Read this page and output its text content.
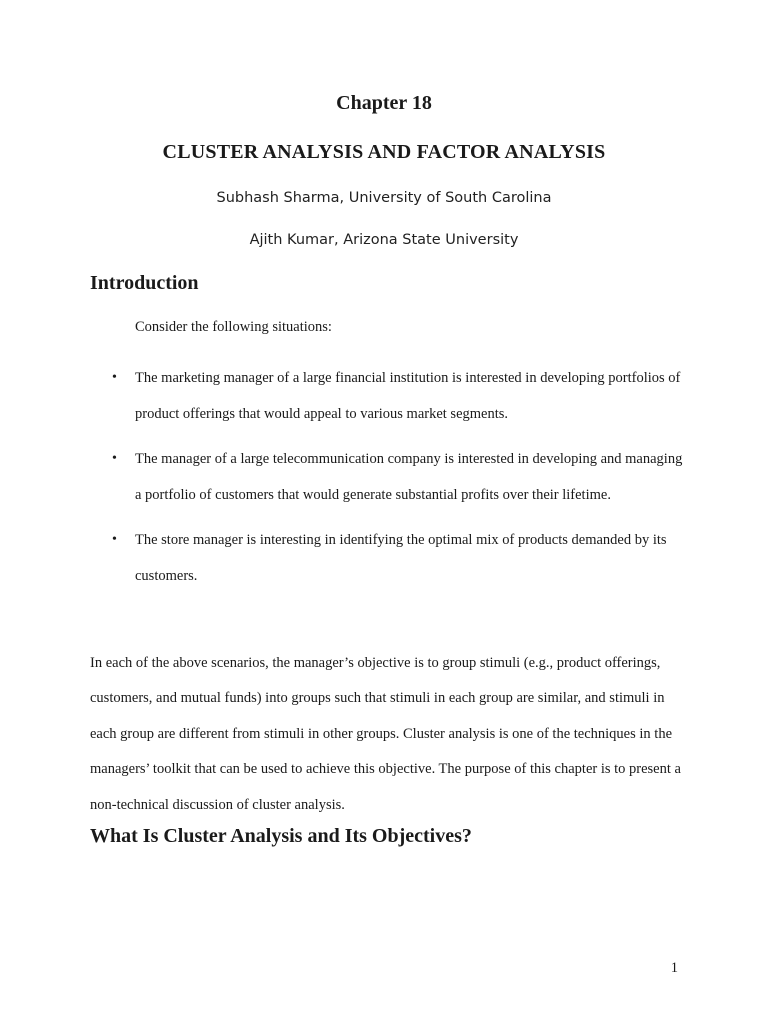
Chapter 18
CLUSTER ANALYSIS AND FACTOR ANALYSIS
Subhash Sharma, University of South Carolina
Ajith Kumar, Arizona State University
Introduction
Consider the following situations:
• The marketing manager of a large financial institution is interested in developing portfolios of product offerings that would appeal to various market segments.
• The manager of a large telecommunication company is interested in developing and managing a portfolio of customers that would generate substantial profits over their lifetime.
• The store manager is interesting in identifying the optimal mix of products demanded by its customers.

In each of the above scenarios, the manager’s objective is to group stimuli (e.g., product offerings, customers, and mutual funds) into groups such that stimuli in each group are similar, and stimuli in each group are different from stimuli in other groups. Cluster analysis is one of the techniques in the managers’ toolkit that can be used to achieve this objective. The purpose of this chapter is to present a non-technical discussion of cluster analysis.

What Is Cluster Analysis and Its Objectives?
1
